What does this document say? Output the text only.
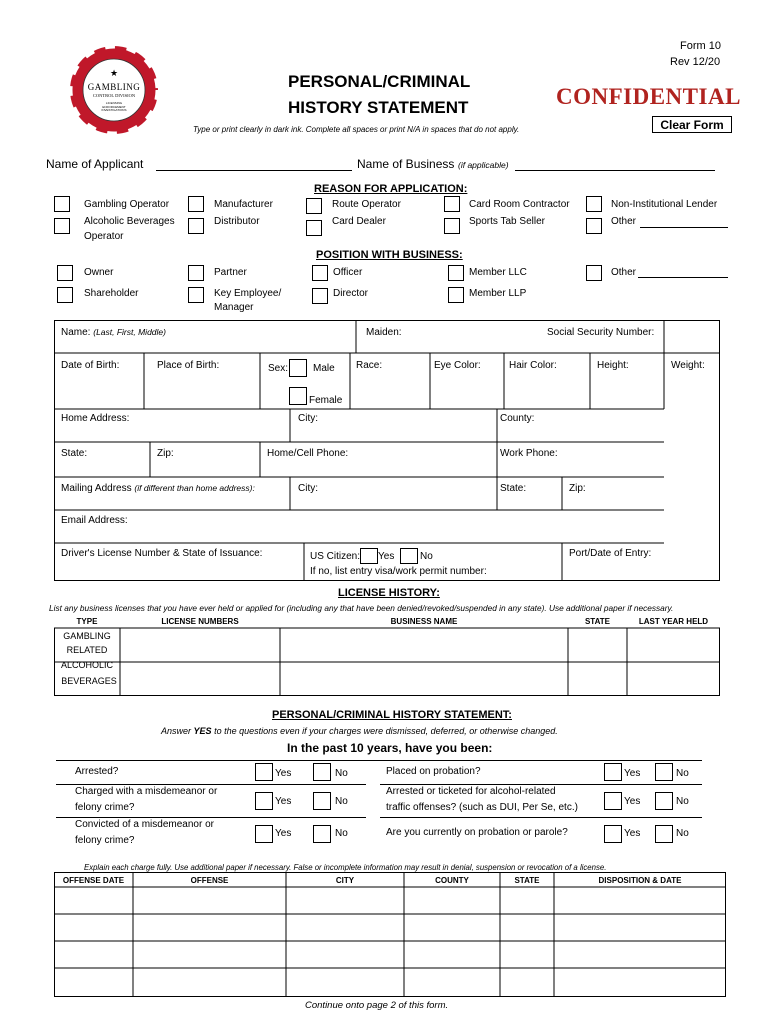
★
GAMBLING
CONTROL DIVISION
LICENSING ENFORCEMENT INVESTIGATIONS
Form 10
Rev 12/20
PERSONAL/CRIMINAL
HISTORY STATEMENT	CONFIDENTIAL
Clear Form
Type or print clearly in dark ink. Complete all spaces or print N/A in spaces that do not apply.
Name of Applicant	Name of Business (if applicable)
REASON FOR APPLICATION:
Gambling Operator	Manufacturer	Route Operator	Card Room Contractor	Non-Institutional Lender
Alcoholic Beverages
Operator
Distributor	Card Dealer	Sports Tab Seller	Other
POSITION WITH BUSINESS:
Owner	Partner	Officer	Member LLC	Other
Shareholder	Key Employee/
Manager
Director	Member LLP
Name: (Last, First, Middle)	Maiden:	Social Security Number:
Date of Birth:	Place of Birth:	Sex: Male
Female
Race:	Eye Color:	Hair Color:	Height:	Weight:
Home Address:	City:	County:
State:	Zip:	Home/Cell Phone:	Work Phone:
Mailing Address (if different than home address):	City:	State:	Zip:
Email Address:
Driver's License Number & State of Issuance:	US Citizen: Yes	No
If no, list entry visa/work permit number:
Port/Date of Entry:
LICENSE HISTORY:
List any business licenses that you have ever held or applied for (including any that have been denied/revoked/suspended in any state). Use additional paper if necessary.
TYPE	LICENSE NUMBERS	BUSINESS NAME	STATE	LAST YEAR HELD
GAMBLING
RELATED
ALCOHOLIC
BEVERAGES
PERSONAL/CRIMINAL HISTORY STATEMENT:
Answer YES to the questions even if your charges were dismissed, deferred, or otherwise changed.
In the past 10 years, have you been:
Arrested?	Yes	No
Charged with a misdemeanor or
felony crime?
Yes	No
Convicted of a misdemeanor or
felony crime?
Yes	No
Placed on probation?	Yes	No
Arrested or ticketed for alcohol-related
traffic offenses? (such as DUI, Per Se, etc.)
Yes	No
Are you currently on probation or parole?	Yes	No
Explain each charge fully. Use additional paper if necessary. False or incomplete information may result in denial, suspension or revocation of a license.
OFFENSE DATE	OFFENSE	CITY	COUNTY	STATE	DISPOSITION & DATE
Continue onto page 2 of this form.
